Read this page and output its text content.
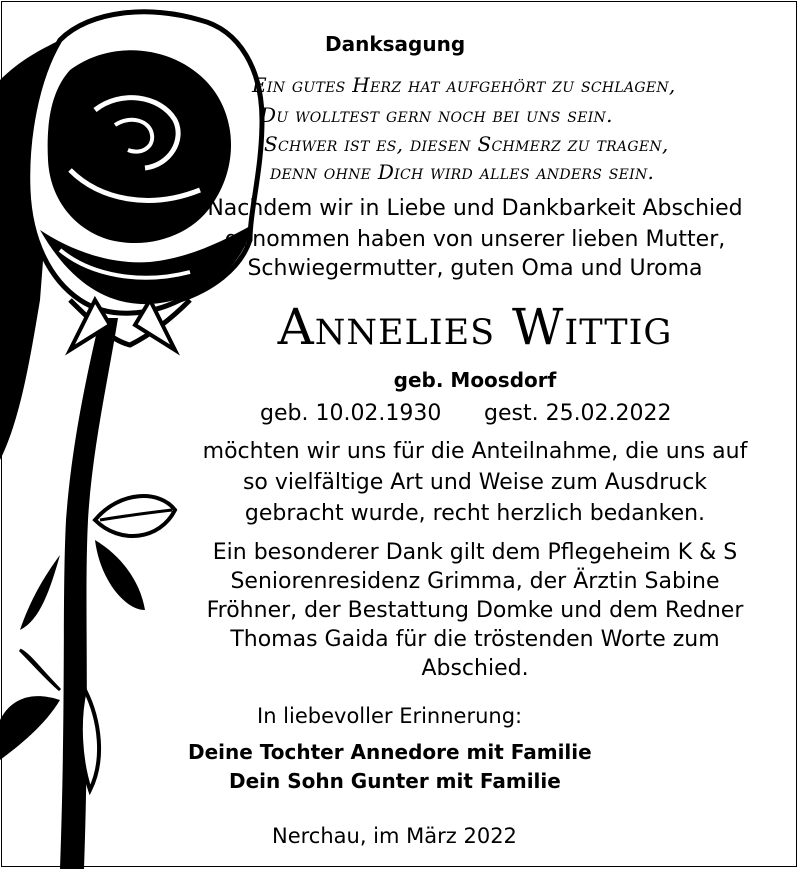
Danksagung
Ein gutes Herz hat aufgehört zu schlagen,
Du wolltest gern noch bei uns sein.
Schwer ist es, diesen Schmerz zu tragen,
denn ohne Dich wird alles anders sein.
Nachdem wir in Liebe und Dankbarkeit Abschied
genommen haben von unserer lieben Mutter,
Schwiegermutter, guten Oma und Uroma
Annelies Wittig
geb. Moosdorf
geb. 10.02.1930	gest. 25.02.2022
möchten wir uns für die Anteilnahme, die uns auf
so vielfältige Art und Weise zum Ausdruck
gebracht wurde, recht herzlich bedanken.
Ein besonderer Dank gilt dem Pflegeheim K & S
Seniorenresidenz Grimma, der Ärztin Sabine
Fröhner, der Bestattung Domke und dem Redner
Thomas Gaida für die tröstenden Worte zum
Abschied.
In liebevoller Erinnerung:
Deine Tochter Annedore mit Familie
Dein Sohn Gunter mit Familie
Nerchau, im März 2022
